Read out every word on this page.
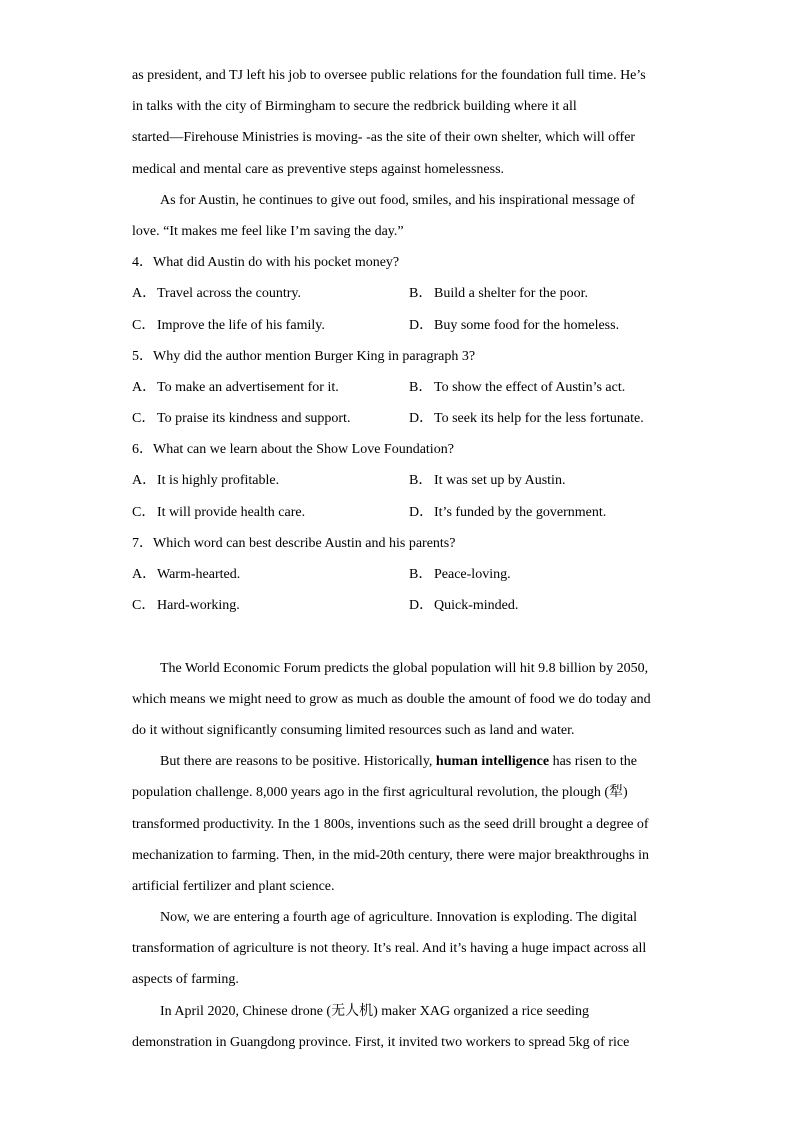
as president, and TJ left his job to oversee public relations for the foundation full time. He’s
in talks with the city of Birmingham to secure the redbrick building where it all
started—Firehouse Ministries is moving- -as the site of their own shelter, which will offer
medical and mental care as preventive steps against homelessness.
As for Austin, he continues to give out food, smiles, and his inspirational message of
love. “It makes me feel like I’m saving the day.”
4．What did Austin do with his pocket money?
A．Travel across the country.	B． Build a shelter for the poor.
C． Improve the life of his family.	D．Buy some food for the homeless.
5．Why did the author mention Burger King in paragraph 3?
A．To make an advertisement for it.	B． To show the effect of Austin’s act.
C． To praise its kindness and support.	D．To seek its help for the less fortunate.
6．What can we learn about the Show Love Foundation?
A．It is highly profitable.	B． It was set up by Austin.
C． It will provide health care.	D．It’s funded by the government.
7．Which word can best describe Austin and his parents?
A．Warm-hearted.	B． Peace-loving.
C． Hard-working.	D．Quick-minded.
The World Economic Forum predicts the global population will hit 9.8 billion by 2050,
which means we might need to grow as much as double the amount of food we do today and
do it without significantly consuming limited resources such as land and water.
But there are reasons to be positive. Historically, human intelligence has risen to the
population challenge. 8,000 years ago in the first agricultural revolution, the plough (犁)
transformed productivity. In the 1 800s, inventions such as the seed drill brought a degree of
mechanization to farming. Then, in the mid-20th century, there were major breakthroughs in
artificial fertilizer and plant science.
Now, we are entering a fourth age of agriculture. Innovation is exploding. The digital
transformation of agriculture is not theory. It’s real. And it’s having a huge impact across all
aspects of farming.
In April 2020, Chinese drone (无人机) maker XAG organized a rice seeding
demonstration in Guangdong province. First, it invited two workers to spread 5kg of rice
